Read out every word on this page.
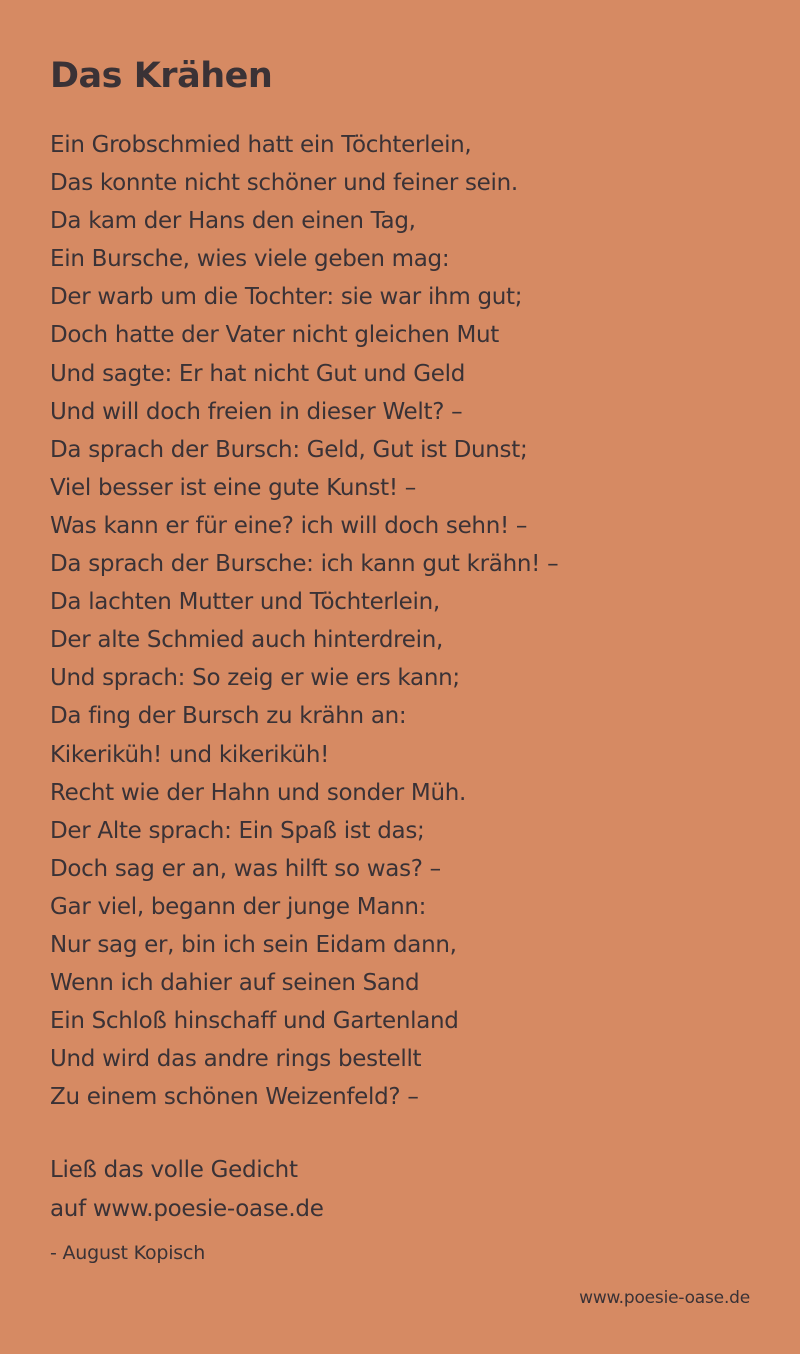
Das Krähen
Ein Grobschmied hatt ein Töchterlein,
Das konnte nicht schöner und feiner sein.
Da kam der Hans den einen Tag,
Ein Bursche, wies viele geben mag:
Der warb um die Tochter: sie war ihm gut;
Doch hatte der Vater nicht gleichen Mut
Und sagte: Er hat nicht Gut und Geld
Und will doch freien in dieser Welt? –
Da sprach der Bursch: Geld, Gut ist Dunst;
Viel besser ist eine gute Kunst! –
Was kann er für eine? ich will doch sehn! –
Da sprach der Bursche: ich kann gut krähn! –
Da lachten Mutter und Töchterlein,
Der alte Schmied auch hinterdrein,
Und sprach: So zeig er wie ers kann;
Da fing der Bursch zu krähn an:
Kikeriküh! und kikeriküh!
Recht wie der Hahn und sonder Müh.
Der Alte sprach: Ein Spaß ist das;
Doch sag er an, was hilft so was? –
Gar viel, begann der junge Mann:
Nur sag er, bin ich sein Eidam dann,
Wenn ich dahier auf seinen Sand
Ein Schloß hinschaff und Gartenland
Und wird das andre rings bestellt
Zu einem schönen Weizenfeld? –
Ließ das volle Gedicht
auf www.poesie-oase.de
- August Kopisch
www.poesie-oase.de
